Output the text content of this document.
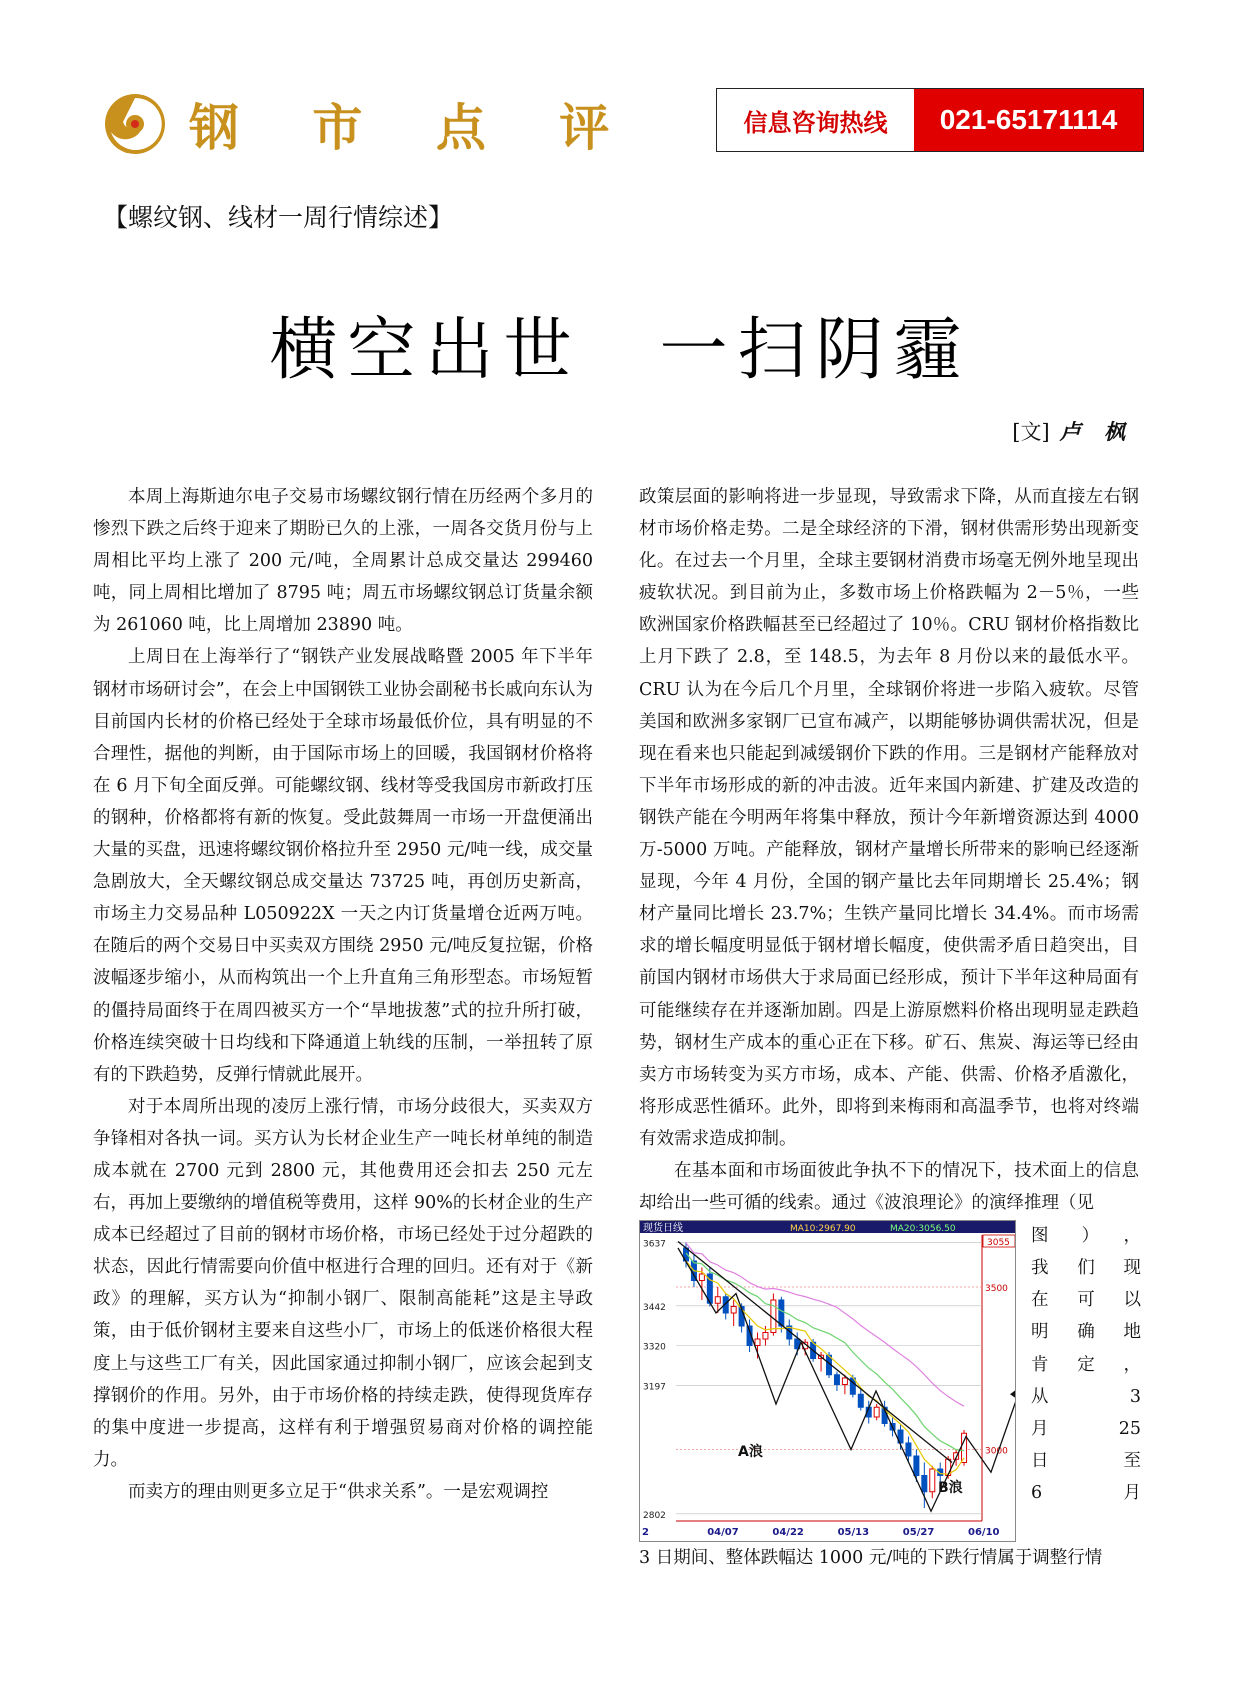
钢 市 点 评	信息咨询热线	021-65171114
【螺纹钢、线材一周行情综述】
横空出世　一扫阴霾
[文] 卢 枫

本周上海斯迪尔电子交易市场螺纹钢行情在历经两个多月的惨烈下跌之后终于迎来了期盼已久的上涨，一周各交货月份与上周相比平均上涨了 200 元/吨，全周累计总成交量达 299460 吨，同上周相比增加了 8795 吨；周五市场螺纹钢总订货量余额为 261060 吨，比上周增加 23890 吨。

上周日在上海举行了“钢铁产业发展战略暨 2005 年下半年钢材市场研讨会”，在会上中国钢铁工业协会副秘书长戚向东认为目前国内长材的价格已经处于全球市场最低价位，具有明显的不合理性，据他的判断，由于国际市场上的回暖，我国钢材价格将在 6 月下旬全面反弹。可能螺纹钢、线材等受我国房市新政打压的钢种，价格都将有新的恢复。受此鼓舞周一市场一开盘便涌出大量的买盘，迅速将螺纹钢价格拉升至 2950 元/吨一线，成交量急剧放大，全天螺纹钢总成交量达 73725 吨，再创历史新高，市场主力交易品种 L050922X 一天之内订货量增仓近两万吨。在随后的两个交易日中买卖双方围绕 2950 元/吨反复拉锯，价格波幅逐步缩小，从而构筑出一个上升直角三角形型态。市场短暂的僵持局面终于在周四被买方一个“旱地拔葱”式的拉升所打破，价格连续突破十日均线和下降通道上轨线的压制，一举扭转了原有的下跌趋势，反弹行情就此展开。

对于本周所出现的凌厉上涨行情，市场分歧很大，买卖双方争锋相对各执一词。买方认为长材企业生产一吨长材单纯的制造成本就在 2700 元到 2800 元，其他费用还会扣去 250 元左右，再加上要缴纳的增值税等费用，这样 90%的长材企业的生产成本已经超过了目前的钢材市场价格，市场已经处于过分超跌的状态，因此行情需要向价值中枢进行合理的回归。还有对于《新政》的理解，买方认为“抑制小钢厂、限制高能耗”这是主导政策，由于低价钢材主要来自这些小厂，市场上的低迷价格很大程度上与这些工厂有关，因此国家通过抑制小钢厂，应该会起到支撑钢价的作用。另外，由于市场价格的持续走跌，使得现货库存的集中度进一步提高，这样有利于增强贸易商对价格的调控能力。

而卖方的理由则更多立足于“供求关系”。一是宏观调控

政策层面的影响将进一步显现，导致需求下降，从而直接左右钢材市场价格走势。二是全球经济的下滑，钢材供需形势出现新变化。在过去一个月里，全球主要钢材消费市场毫无例外地呈现出疲软状况。到目前为止，多数市场上价格跌幅为 2－5％，一些欧洲国家价格跌幅甚至已经超过了 10％。CRU 钢材价格指数比上月下跌了 2.8，至 148.5，为去年 8 月份以来的最低水平。CRU 认为在今后几个月里，全球钢价将进一步陷入疲软。尽管美国和欧洲多家钢厂已宣布减产，以期能够协调供需状况，但是现在看来也只能起到减缓钢价下跌的作用。三是钢材产能释放对下半年市场形成的新的冲击波。近年来国内新建、扩建及改造的钢铁产能在今明两年将集中释放，预计今年新增资源达到 4000 万-5000 万吨。产能释放，钢材产量增长所带来的影响已经逐渐显现，今年 4 月份，全国的钢产量比去年同期增长 25.4%；钢材产量同比增长 23.7%；生铁产量同比增长 34.4%。而市场需求的增长幅度明显低于钢材增长幅度，使供需矛盾日趋突出，目前国内钢材市场供大于求局面已经形成，预计下半年这种局面有可能继续存在并逐渐加剧。四是上游原燃料价格出现明显走跌趋势，钢材生产成本的重心正在下移。矿石、焦炭、海运等已经由卖方市场转变为买方市场，成本、产能、供需、价格矛盾激化，将形成恶性循环。此外，即将到来梅雨和高温季节，也将对终端有效需求造成抑制。

在基本面和市场面彼此争执不下的情况下，技术面上的信息却给出一些可循的线索。通过《波浪理论》的演绎推理（见

现货日线	MA10:2967.90	MA20:3056.50
2802
3197
3320
3442
3637
3000
3500
3055
2	04/07	04/22	05/13	05/27	06/10
A浪
B浪
图），
我们现
在可以
明确地
肯定，
从　3
月　25
日　至
6　月
3 日期间、整体跌幅达 1000 元/吨的下跌行情属于调整行情
